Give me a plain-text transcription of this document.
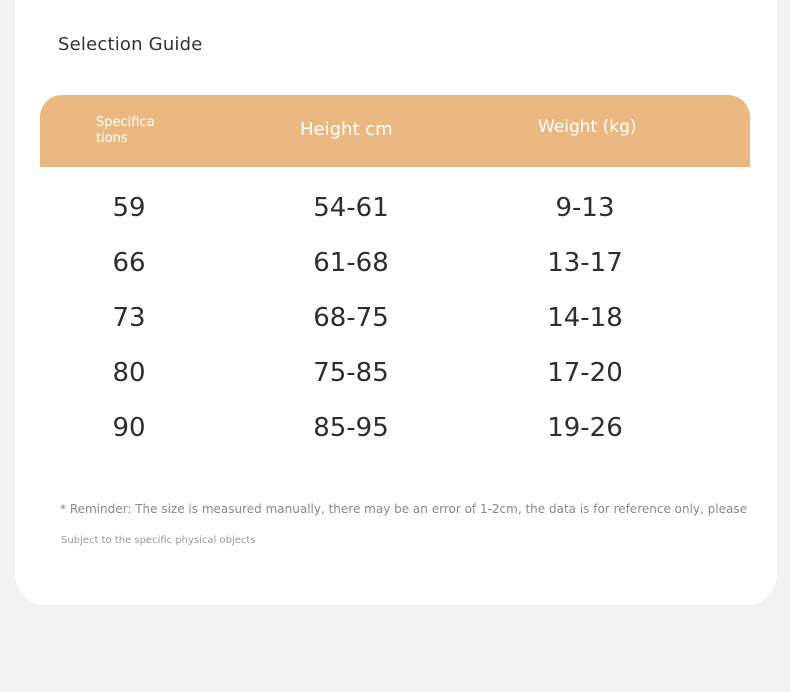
Selection Guide
Specifications	Height cm	Weight (kg)
59	54-61	9-13
66	61-68	13-17
73	68-75	14-18
80	75-85	17-20
90	85-95	19-26
* Reminder: The size is measured manually, there may be an error of 1-2cm, the data is for reference only, please
Subject to the specific physical objects
